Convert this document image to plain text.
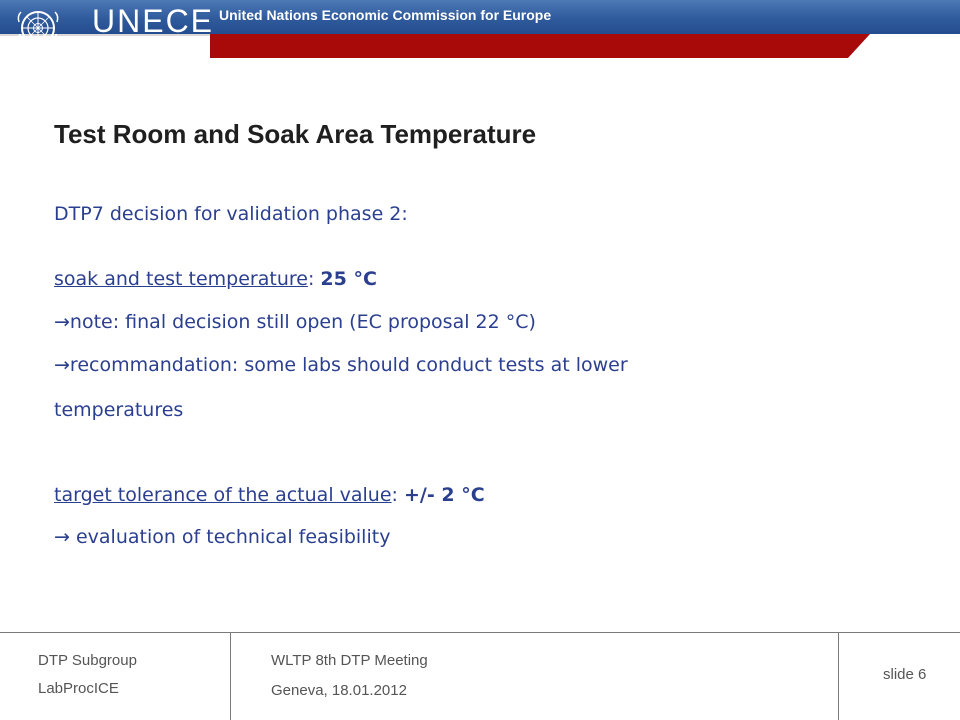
UNECE United Nations Economic Commission for Europe
Test Room and Soak Area Temperature
DTP7 decision for validation phase 2:
soak and test temperature: 25 °C
→note: final decision still open (EC proposal 22 °C)
→recommandation: some labs should conduct tests at lower
temperatures
target tolerance of the actual value: +/- 2 °C
→ evaluation of technical feasibility
DTP Subgroup
LabProcICE
WLTP 8th DTP Meeting
Geneva, 18.01.2012
slide 6
